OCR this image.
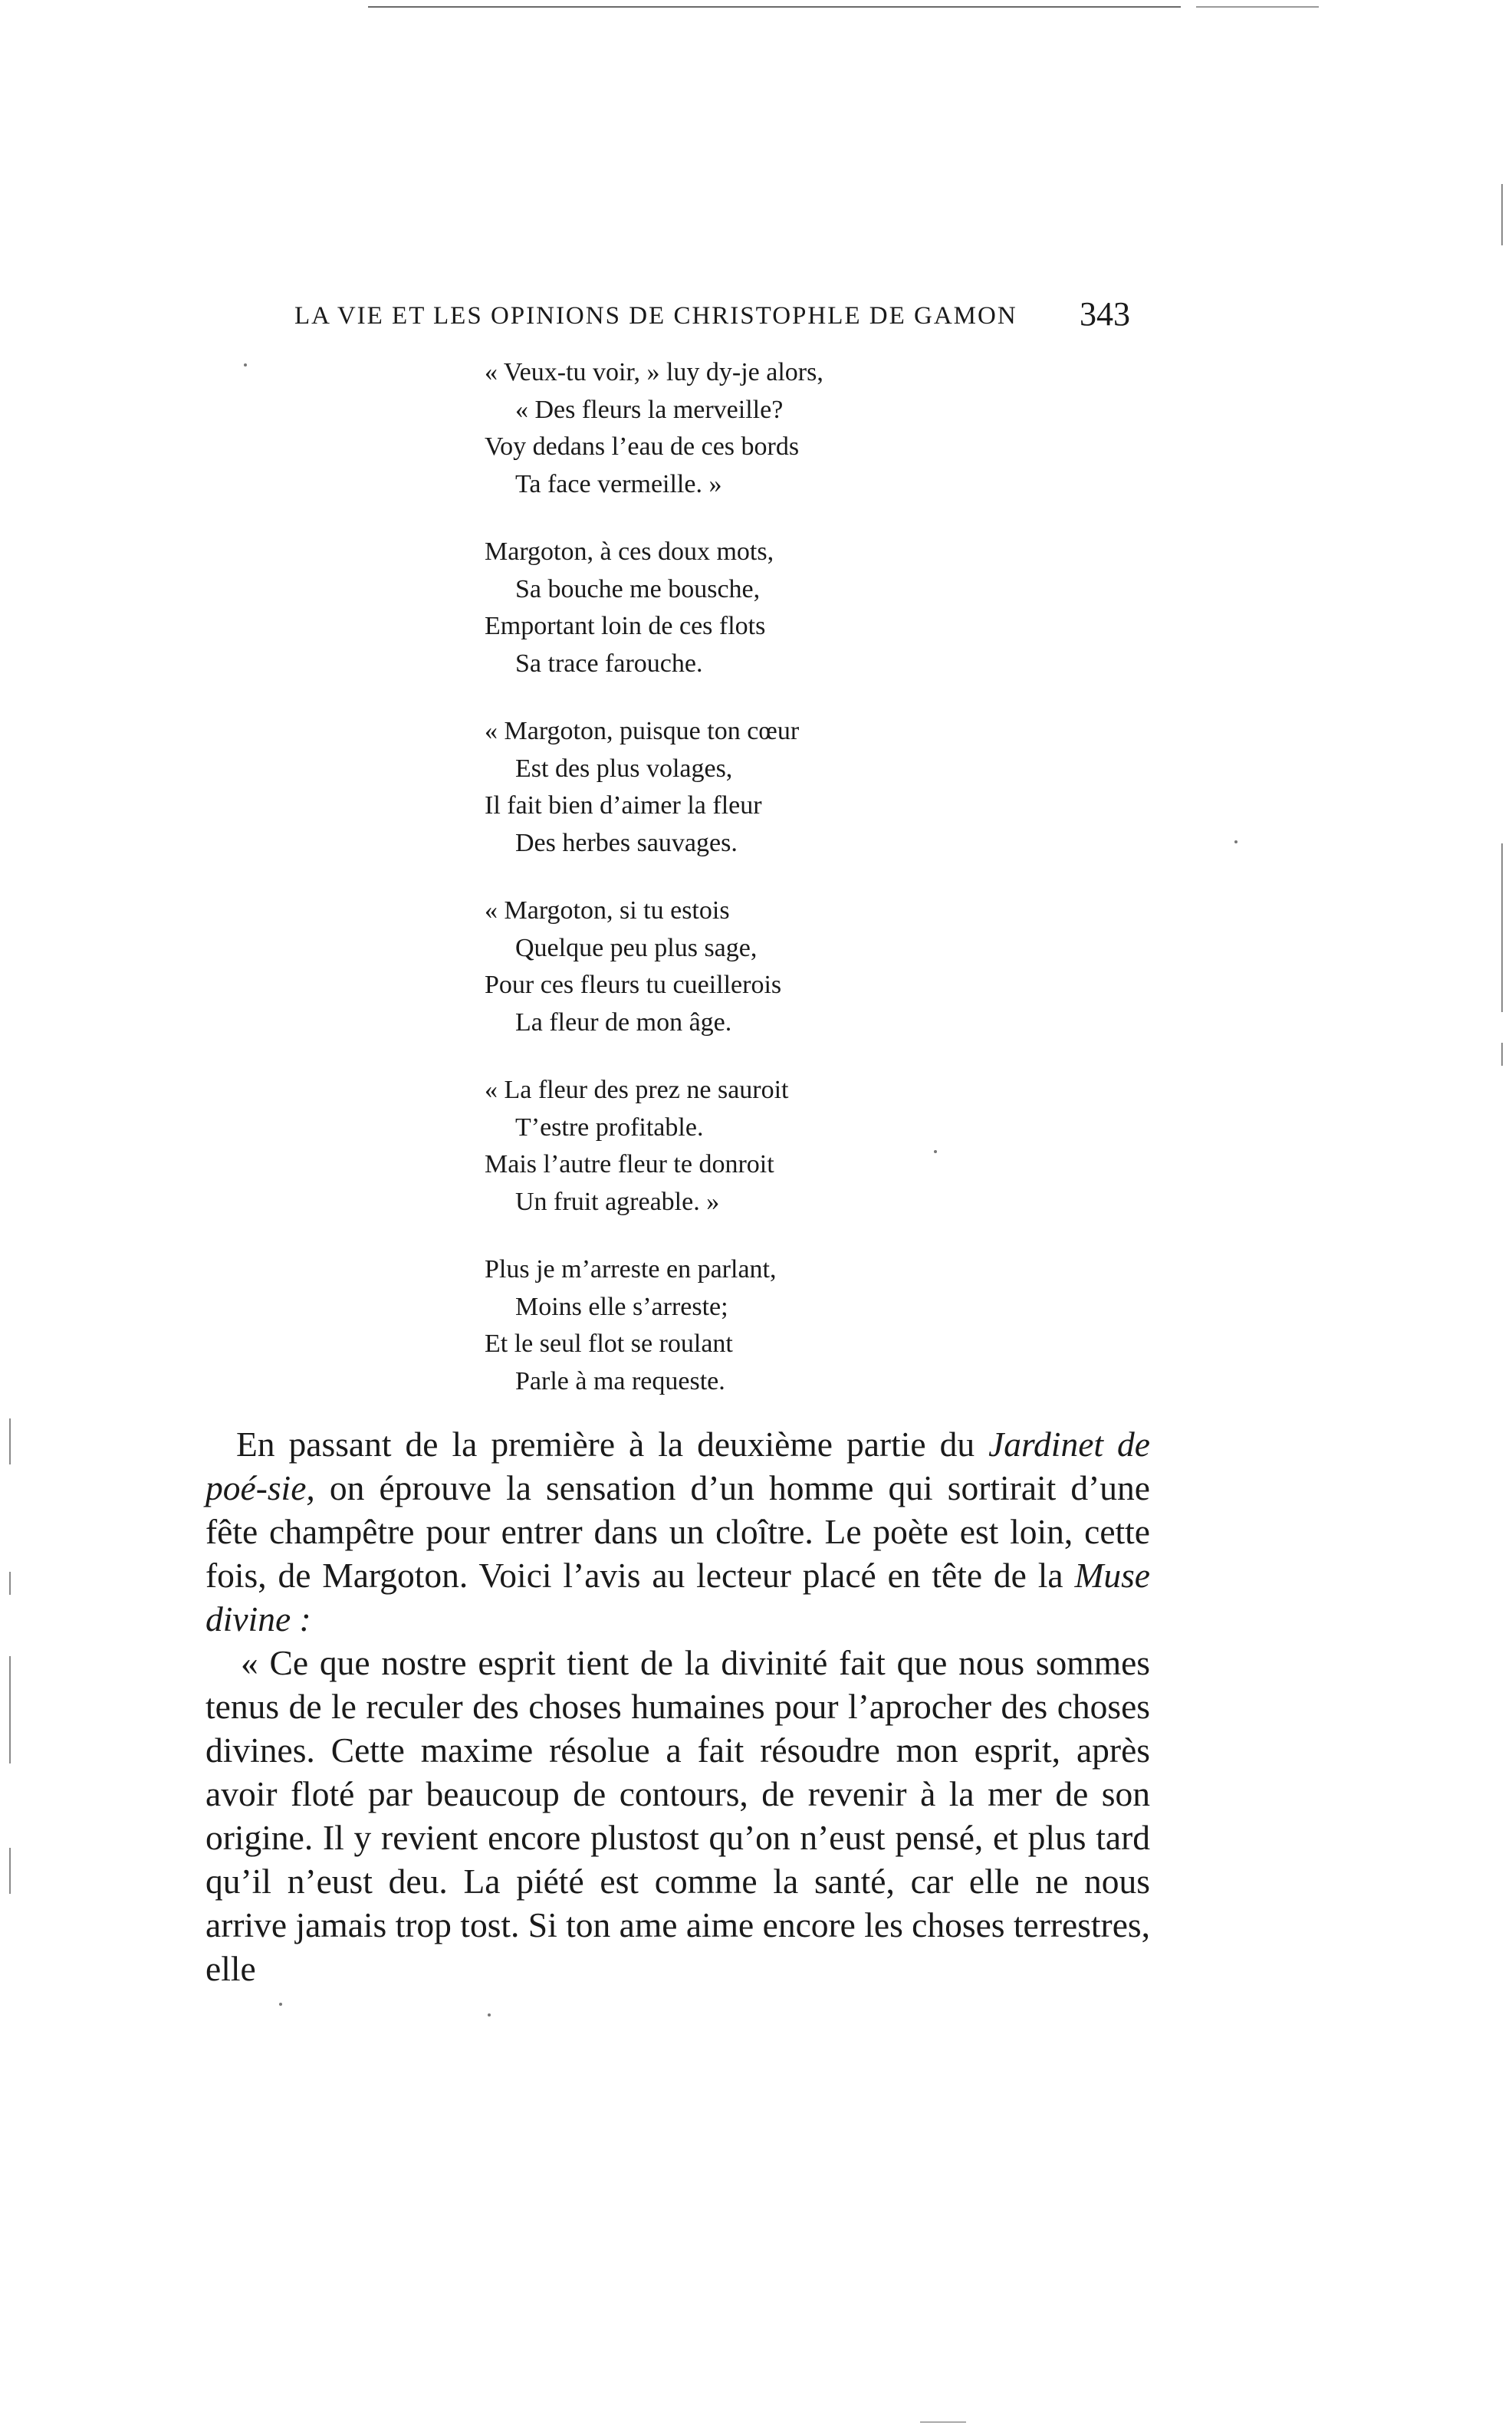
LA VIE ET LES OPINIONS DE CHRISTOPHLE DE GAMON 343
« Veux-tu voir, » luy dy-je alors,
« Des fleurs la merveille?
Voy dedans l’eau de ces bords
Ta face vermeille. »
Margoton, à ces doux mots,
Sa bouche me bousche,
Emportant loin de ces flots
Sa trace farouche.
« Margoton, puisque ton cœur
Est des plus volages,
Il fait bien d’aimer la fleur
Des herbes sauvages.
« Margoton, si tu estois
Quelque peu plus sage,
Pour ces fleurs tu cueillerois
La fleur de mon âge.
« La fleur des prez ne sauroit
T’estre profitable.
Mais l’autre fleur te donroit
Un fruit agreable. »
Plus je m’arreste en parlant,
Moins elle s’arreste;
Et le seul flot se roulant
Parle à ma requeste.

En passant de la première à la deuxième partie du Jardinet de poé-sie, on éprouve la sensation d’un homme qui sortirait d’une fête champêtre pour entrer dans un cloître. Le poète est loin, cette fois, de Margoton. Voici l’avis au lecteur placé en tête de la Muse divine :

« Ce que nostre esprit tient de la divinité fait que nous sommes tenus de le reculer des choses humaines pour l’aprocher des choses divines. Cette maxime résolue a fait résoudre mon esprit, après avoir floté par beaucoup de contours, de revenir à la mer de son origine. Il y revient encore plustost qu’on n’eust pensé, et plus tard qu’il n’eust deu. La piété est comme la santé, car elle ne nous arrive jamais trop tost. Si ton ame aime encore les choses terrestres, elle
